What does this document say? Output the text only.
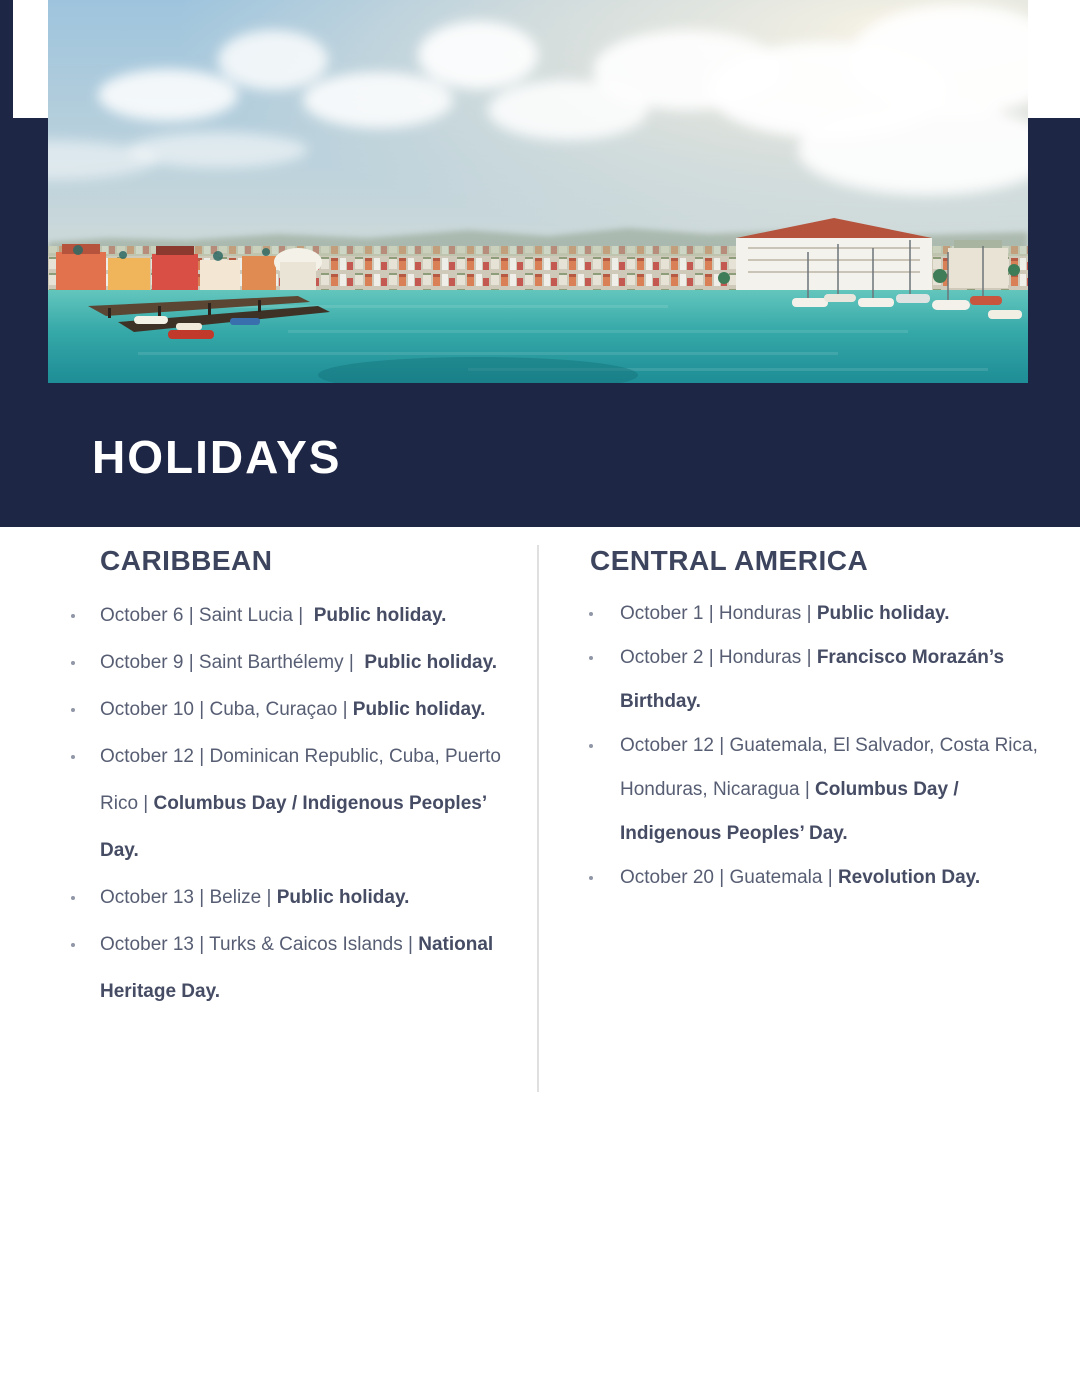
HOLIDAYS
CARIBBEAN
October 6 | Saint Lucia |  Public holiday.
October 9 | Saint Barthélemy |  Public holiday.
October 10 | Cuba, Curaçao | Public holiday.
October 12 | Dominican Republic, Cuba, Puerto Rico | Columbus Day / Indigenous Peoples’ Day.
October 13 | Belize | Public holiday.
October 13 | Turks & Caicos Islands | National Heritage Day.
CENTRAL AMERICA
October 1 | Honduras | Public holiday.
October 2 | Honduras | Francisco Morazán’s Birthday.
October 12 | Guatemala, El Salvador, Costa Rica, Honduras, Nicaragua | Columbus Day / Indigenous Peoples’ Day.
October 20 | Guatemala | Revolution Day.
